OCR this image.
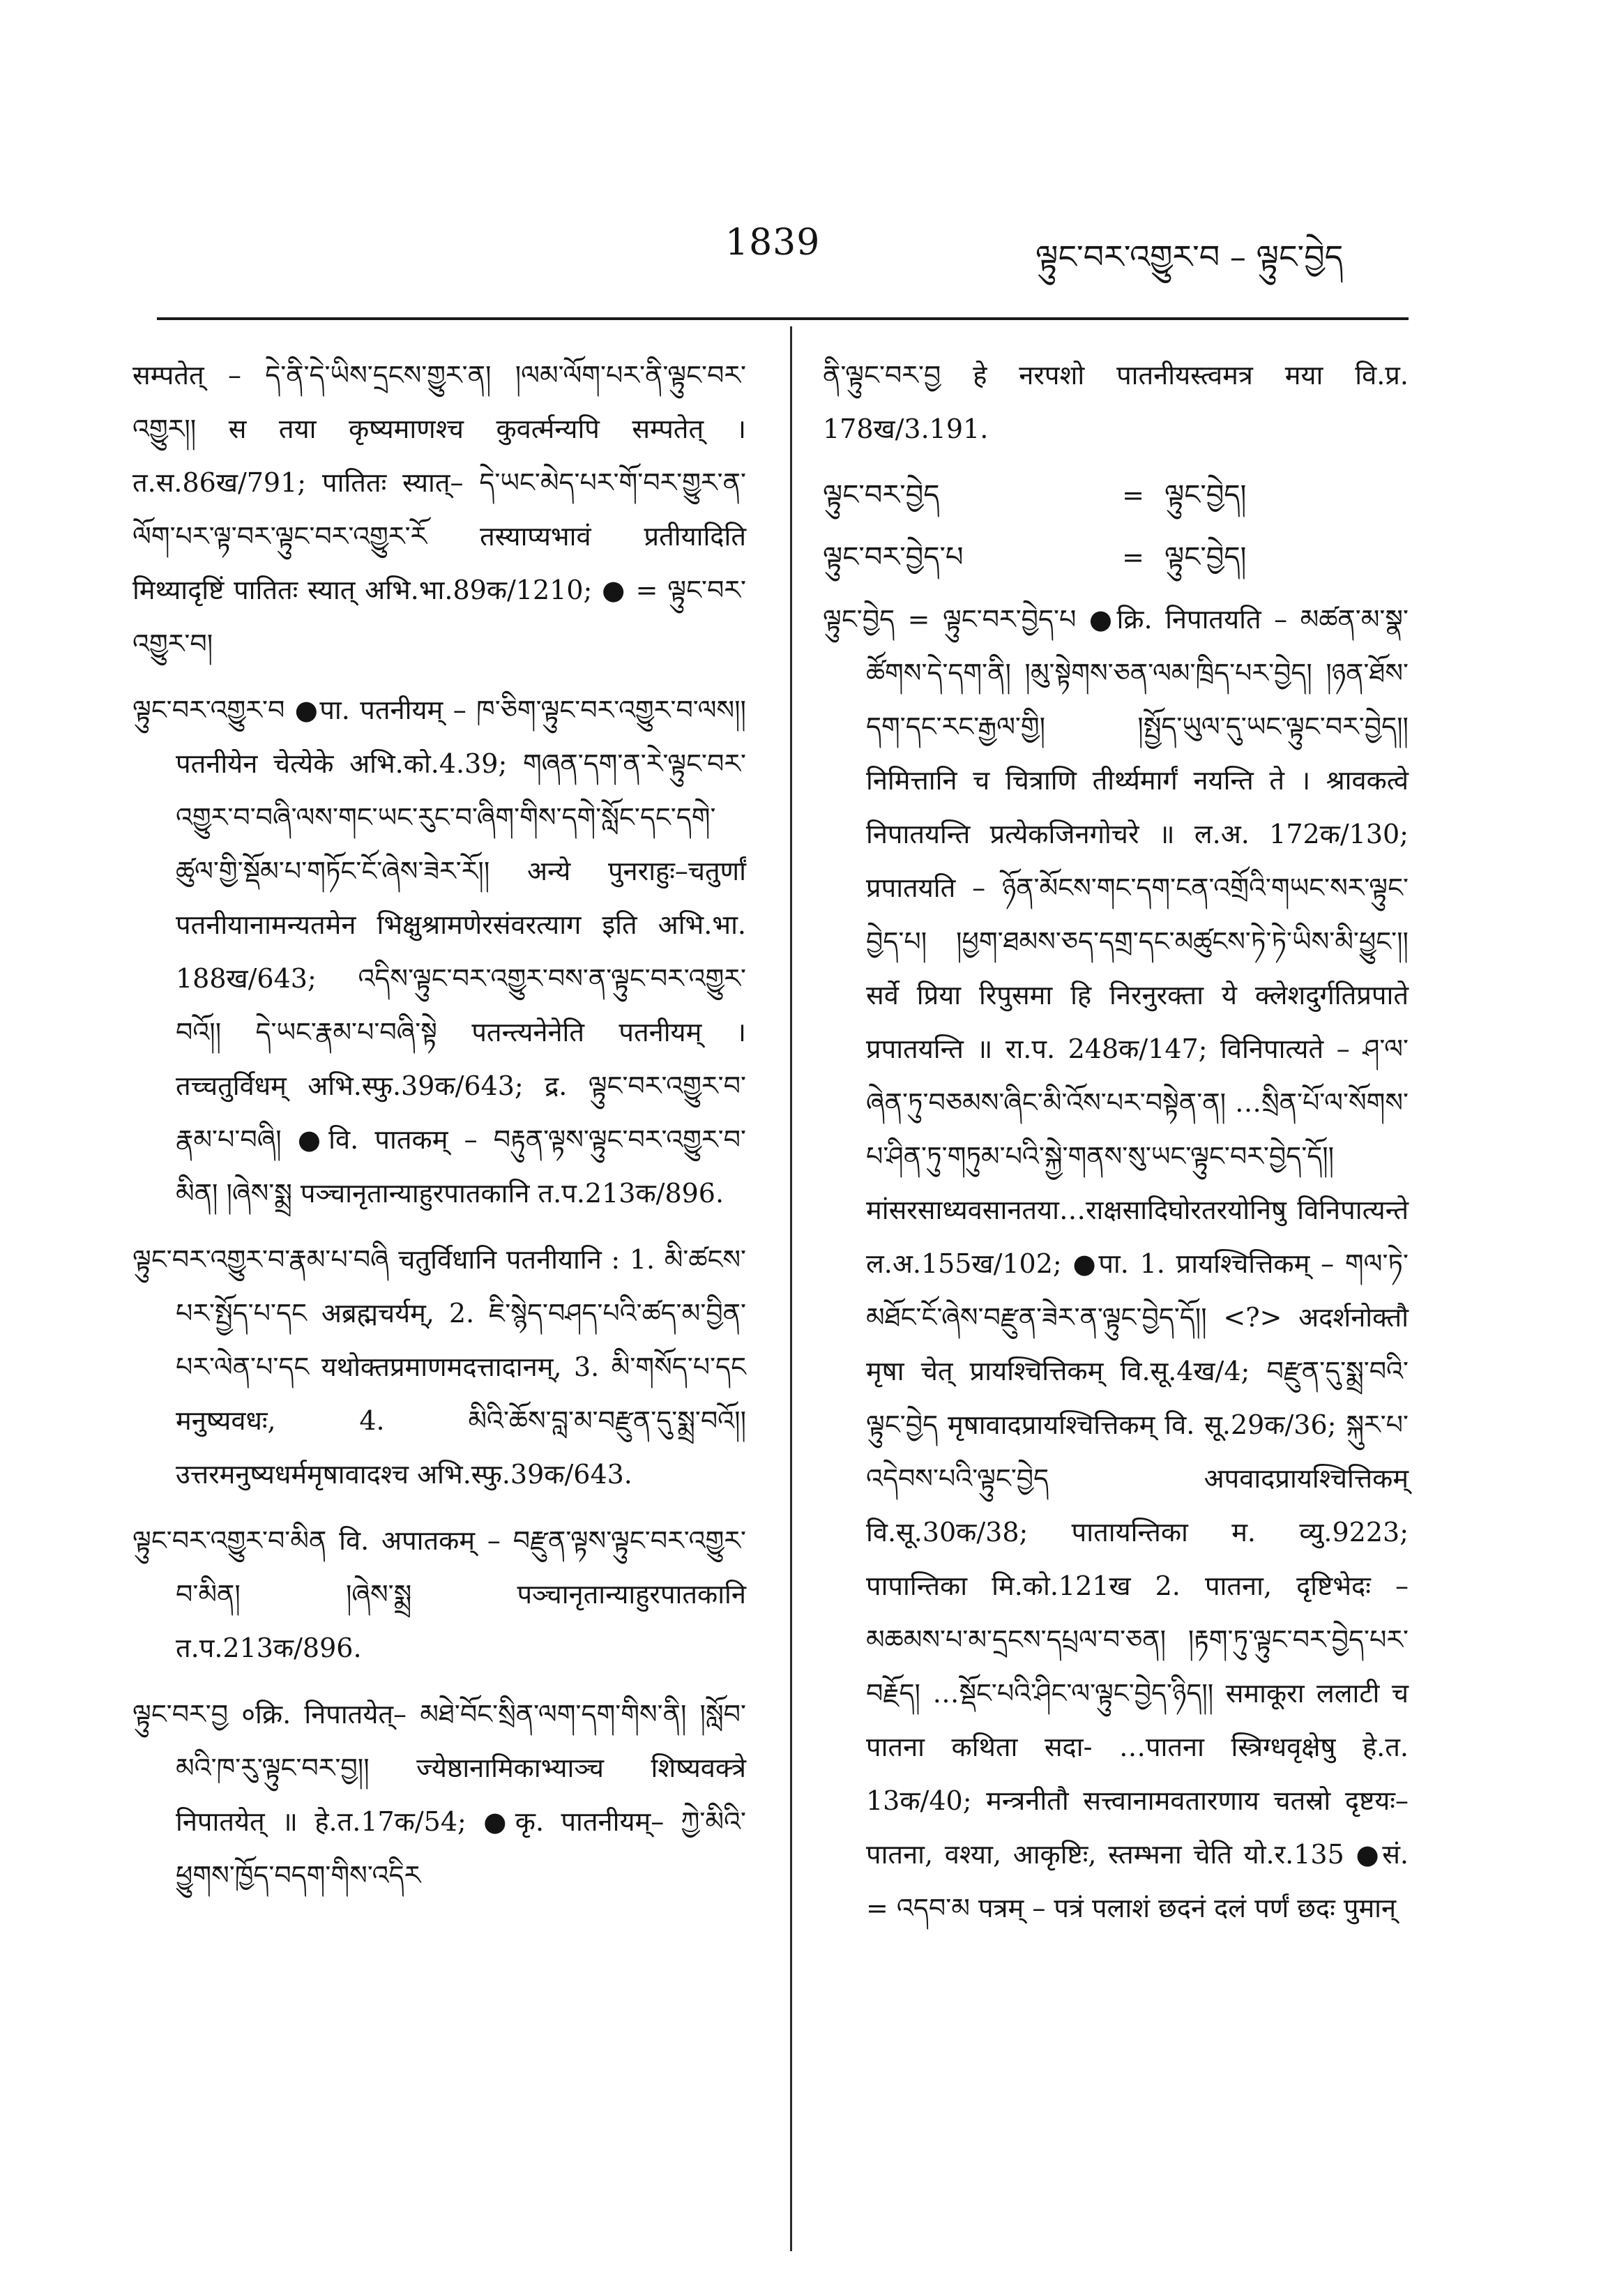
1839	ལྟུང་བར་འགྱུར་བ – ལྟུང་བྱེད

सम्पतेत् – དེ་ནི་དེ་ཡིས་དྲངས་གྱུར་ན། །ལམ་ལོག་པར་ནི་ལྟུང་བར་འགྱུར།། स तया कृष्यमाणश्च कुवर्त्मन्यपि सम्पतेत् । त.स.86ख/791; पातितः स्यात्– དེ་ཡང་མེད་པར་གོ་བར་གྱུར་ན་ལོག་པར་ལྟ་བར་ལྟུང་བར་འགྱུར་རོ तस्याप्यभावं प्रतीयादिति मिथ्यादृष्टिं पातितः स्यात् अभि.भा.89क/1210; ● = ལྟུང་བར་འགྱུར་བ།

ལྟུང་བར་འགྱུར་བ ●पा. पतनीयम् – ཁ་ཅིག་ལྟུང་བར་འགྱུར་བ་ལས།། पतनीयेन चेत्येके अभि.को.4.39; གཞན་དག་ན་རེ་ལྟུང་བར་འགྱུར་བ་བཞི་ལས་གང་ཡང་རུང་བ་ཞིག་གིས་དགེ་སློང་དང་དགེ་ཚུལ་གྱི་སྡོམ་པ་གཏོང་ངོ་ཞེས་ཟེར་རོ།། अन्ये पुनराहुः–चतुर्णां पतनीयानामन्यतमेन भिक्षुश्रामणेरसंवरत्याग इति अभि.भा. 188ख/643; འདིས་ལྟུང་བར་འགྱུར་བས་ན་ལྟུང་བར་འགྱུར་བའོ།། དེ་ཡང་རྣམ་པ་བཞི་སྟེ पतन्त्यनेनेति पतनीयम् । तच्चतुर्विधम् अभि.स्फु.39क/643; द्र. ལྟུང་བར་འགྱུར་བ་རྣམ་པ་བཞི། ●वि. पातकम् – བརྟུན་ལྟས་ལྟུང་བར་འགྱུར་བ་མིན། །ཞེས་སྨྲ पञ्चानृतान्याहुरपातकानि त.प.213क/896.

ལྟུང་བར་འགྱུར་བ་རྣམ་པ་བཞི चतुर्विधानि पतनीयानि : 1. མི་ཚངས་པར་སྤྱོད་པ་དང अब्रह्मचर्यम्, 2. ཇི་སྙེད་བཤད་པའི་ཚད་མ་བྱིན་པར་ལེན་པ་དང यथोक्तप्रमाणमदत्तादानम्, 3. མི་གསོད་པ་དང मनुष्यवधः, 4. མིའི་ཆོས་བླ་མ་བརྫུན་དུ་སྨྲ་བའོ།། उत्तरमनुष्यधर्ममृषावादश्च अभि.स्फु.39क/643.

ལྟུང་བར་འགྱུར་བ་མིན वि. अपातकम् – བརྫུན་ལྟས་ལྟུང་བར་འགྱུར་བ་མིན། །ཞེས་སྨྲ पञ्चानृतान्याहुरपातकानि त.प.213क/896.

ལྟུང་བར་བྱ ०क्रि. निपातयेत्– མཐེ་བོང་སྲིན་ལག་དག་གིས་ནི། །སློབ་མའི་ཁ་རུ་ལྟུང་བར་བྱ།། ज्येष्ठानामिकाभ्याञ्च शिष्यवक्त्रे निपातयेत् ॥ हे.त.17क/54; ●कृ. पातनीयम्– ཀྱེ་མིའི་ཕྱུགས་ཁྱོད་བདག་གིས་འདིར

ནི་ལྟུང་བར་བྱ हे नरपशो पातनीयस्त्वमत्र मया वि.प्र. 178ख/3.191.

ལྟུང་བར་བྱེད	= ལྟུང་བྱེད།
ལྟུང་བར་བྱེད་པ	= ལྟུང་བྱེད།

ལྟུང་བྱེད = ལྟུང་བར་བྱེད་པ ●क्रि. निपातयति – མཚན་མ་སྣ་ཚོགས་དེ་དག་ནི། །མུ་སྟེགས་ཅན་ལམ་ཁྲིད་པར་བྱེད། །ཉན་ཐོས་དག་དང་རང་རྒྱལ་གྱི། །སྤྱོད་ཡུལ་དུ་ཡང་ལྟུང་བར་བྱེད།། निमित्तानि च चित्राणि तीर्थ्यमार्गं नयन्ति ते । श्रावकत्वे निपातयन्ति प्रत्येकजिनगोचरे ॥ ल.अ. 172क/130; प्रपातयति – ཉོན་མོངས་གང་དག་ངན་འགྲོའི་གཡང་སར་ལྟུང་བྱེད་པ། །ཕྱག་ཐམས་ཅད་དགྲ་དང་མཚུངས་ཏེ་ཏེ་ཡིས་མི་ཕྱུང་།། सर्वे प्रिया रिपुसमा हि निरनुरक्ता ये क्लेशदुर्गतिप्रपाते प्रपातयन्ति ॥ रा.प. 248क/147; विनिपात्यते – ཤ་ལ་ཞེན་ཏུ་བཅམས་ཞིང་མི་འོས་པར་བསྟེན་ན། …སྲིན་པོ་ལ་སོགས་པ་ཤིན་ཏུ་གཏུམ་པའི་སྐྱེ་གནས་སུ་ཡང་ལྟུང་བར་བྱེད་དོ།། मांसरसाध्यवसानतया…राक्षसादिघोरतरयोनिषु विनिपात्यन्ते ल.अ.155ख/102; ●पा. 1. प्रायश्चित्तिकम् – གལ་ཏེ་མཐོང་ངོ་ཞེས་བརྫུན་ཟེར་ན་ལྟུང་བྱེད་དོ།། <?> अदर्शनोक्तौ मृषा चेत् प्रायश्चित्तिकम् वि.सू.4ख/4; བརྫུན་དུ་སྨྲ་བའི་ལྟུང་བྱེད मृषावादप्रायश्चित्तिकम् वि. सू.29क/36; སྐུར་པ་འདེབས་པའི་ལྟུང་བྱེད अपवादप्रायश्चित्तिकम् वि.सू.30क/38; पातायन्तिका म. व्यु.9223; पापान्तिका मि.को.121ख 2. पातना, दृष्टिभेदः – མཆམས་པ་མ་དྲངས་དཔྲལ་བ་ཅན། །རྟག་ཏུ་ལྟུང་བར་བྱེད་པར་བརྗོད། …སྡོང་པའི་ཤིང་ལ་ལྟུང་བྱེད་ཉིད།། समाकूरा ललाटी च पातना कथिता सदा- …पातना स्त्रिग्धवृक्षेषु हे.त. 13क/40; मन्त्रनीतौ सत्त्वानामवतारणाय चतस्रो दृष्टयः–पातना, वश्या, आकृष्टिः, स्तम्भना चेति यो.र.135 ●सं. = འདབ་མ पत्रम् – पत्रं पलाशं छदनं दलं पर्णं छदः पुमान्
